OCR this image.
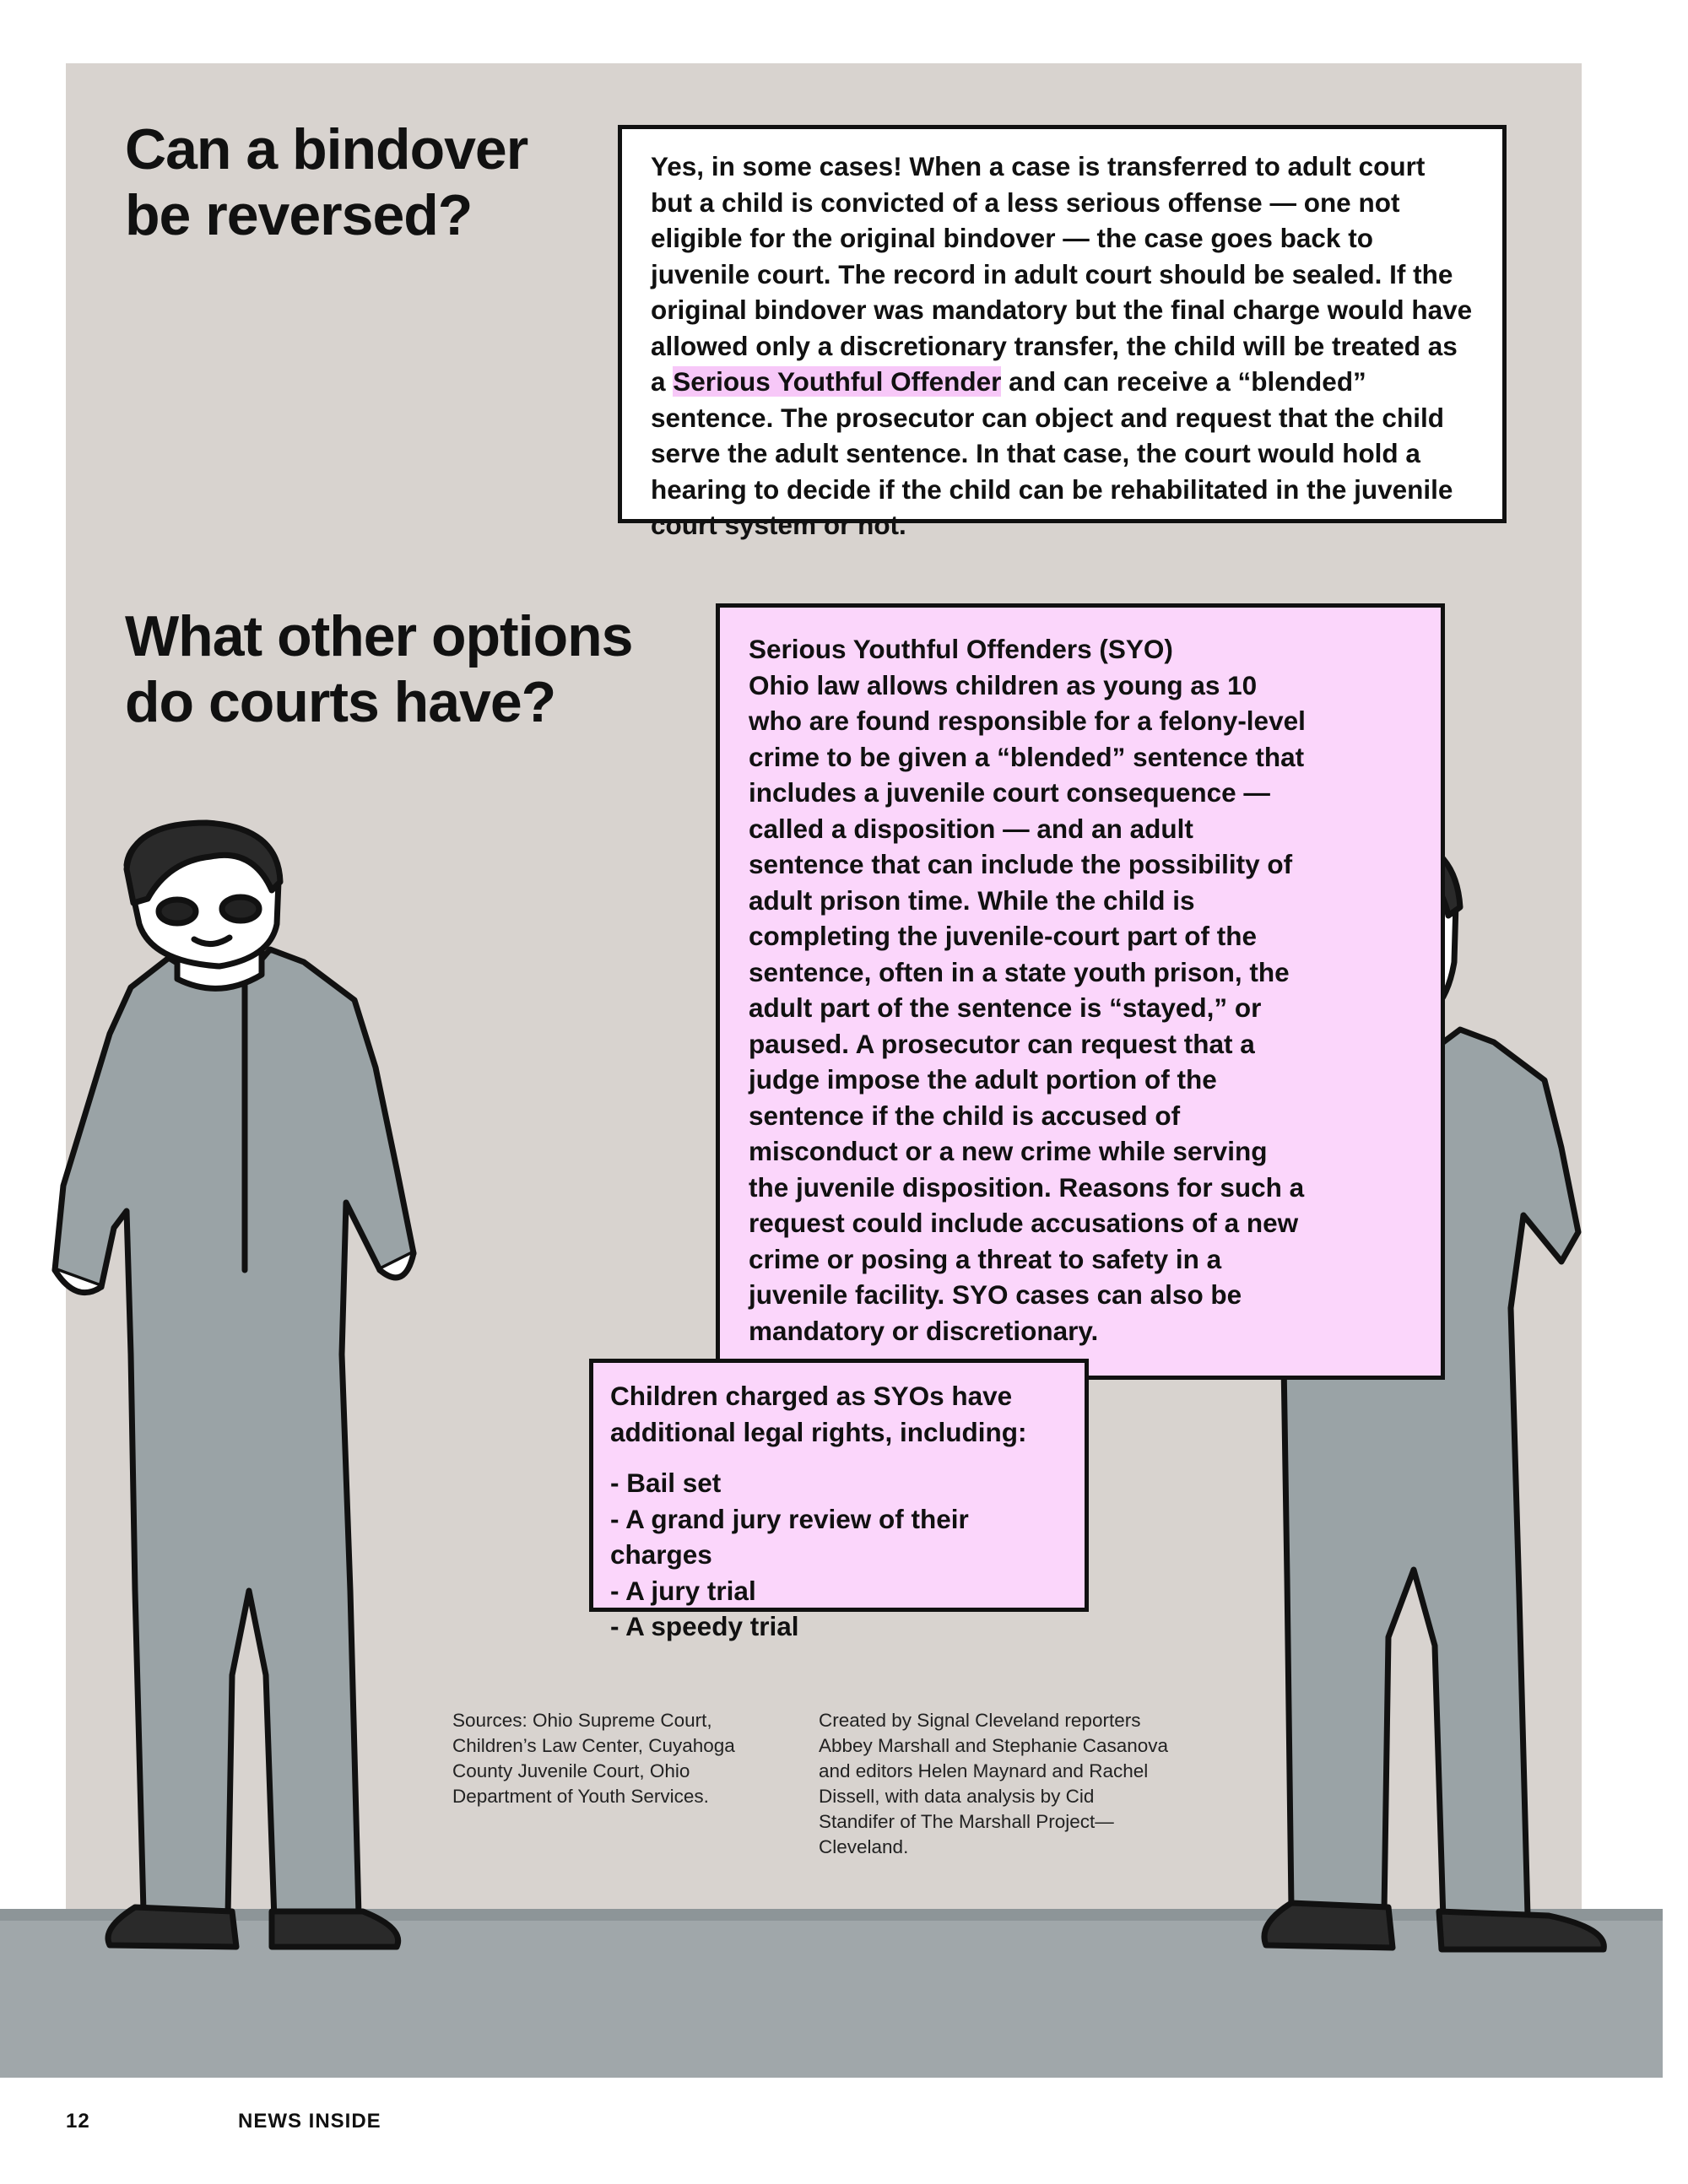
Can a bindover be reversed?
Yes, in some cases! When a case is transferred to adult court but a child is convicted of a less serious offense — one not eligible for the original bindover — the case goes back to juvenile court. The record in adult court should be sealed. If the original bindover was mandatory but the final charge would have allowed only a discretionary transfer, the child will be treated as a Serious Youthful Offender and can receive a “blended” sentence. The prosecutor can object and request that the child serve the adult sentence. In that case, the court would hold a hearing to decide if the child can be rehabilitated in the juvenile court system or not.
What other options do courts have?
Serious Youthful Offenders (SYO)
Ohio law allows children as young as 10 who are found responsible for a felony-level crime to be given a “blended” sentence that includes a juvenile court consequence — called a disposition — and an adult sentence that can include the possibility of adult prison time. While the child is completing the juvenile-court part of the sentence, often in a state youth prison, the adult part of the sentence is “stayed,” or paused. A prosecutor can request that a judge impose the adult portion of the sentence if the child is accused of misconduct or a new crime while serving the juvenile disposition. Reasons for such a request could include accusations of a new crime or posing a threat to safety in a juvenile facility. SYO cases can also be mandatory or discretionary.
Children charged as SYOs have additional legal rights, including:
- Bail set
- A grand jury review of their charges
- A jury trial
- A speedy trial
Sources: Ohio Supreme Court, Children’s Law Center, Cuyahoga County Juvenile Court, Ohio Department of Youth Services.
Created by Signal Cleveland reporters Abbey Marshall and Stephanie Casanova and editors Helen Maynard and Rachel Dissell, with data analysis by Cid Standifer of The Marshall Project—Cleveland.
12	NEWS INSIDE
